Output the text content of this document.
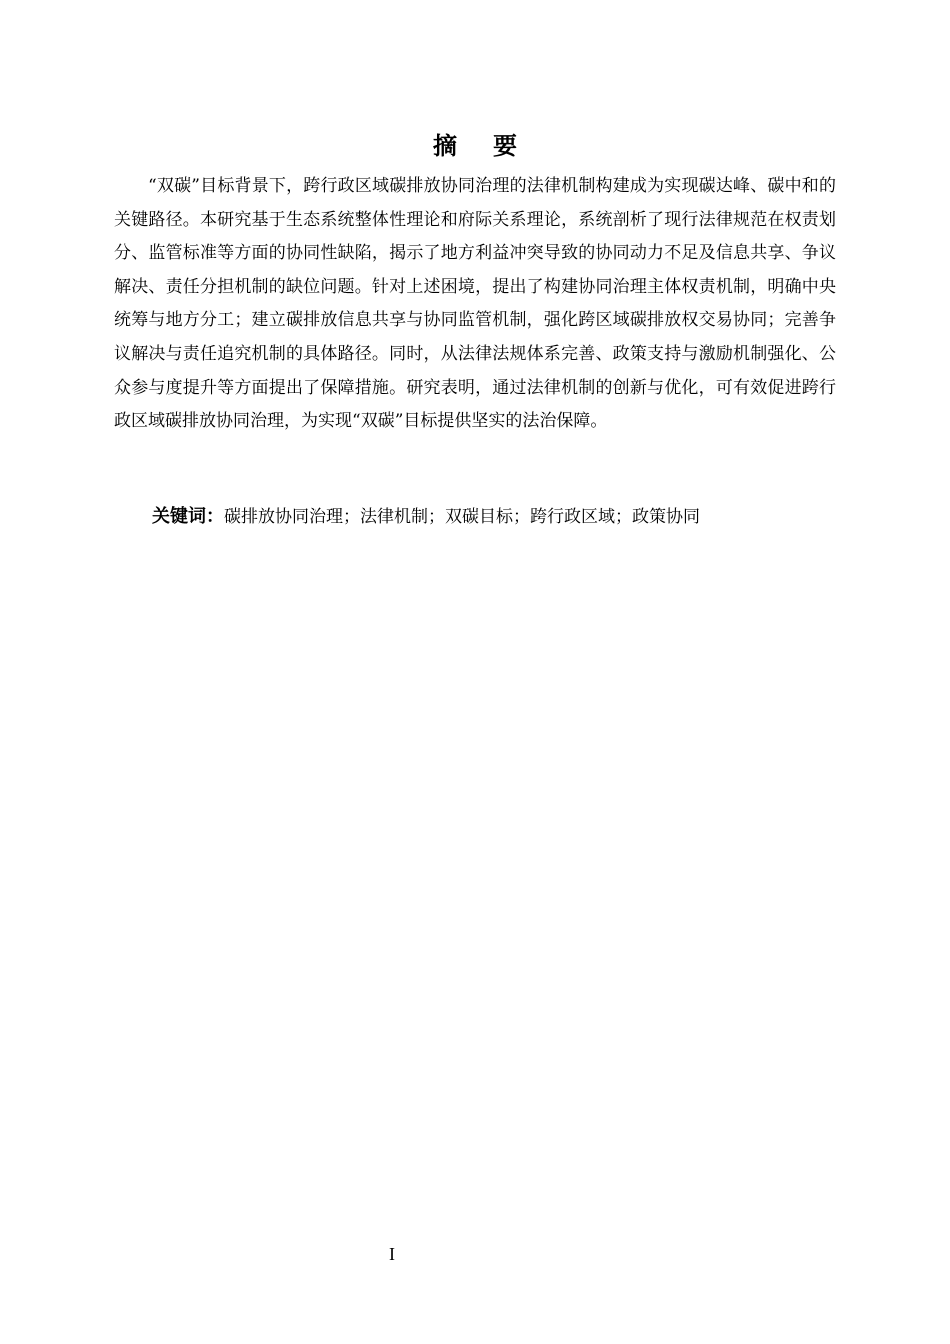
摘要

“双碳”目标背景下，跨行政区域碳排放协同治理的法律机制构建成为实现碳达峰、碳中和的关键路径。本研究基于生态系统整体性理论和府际关系理论，系统剖析了现行法律规范在权责划分、监管标准等方面的协同性缺陷，揭示了地方利益冲突导致的协同动力不足及信息共享、争议解决、责任分担机制的缺位问题。针对上述困境，提出了构建协同治理主体权责机制，明确中央统筹与地方分工；建立碳排放信息共享与协同监管机制，强化跨区域碳排放权交易协同；完善争议解决与责任追究机制的具体路径。同时，从法律法规体系完善、政策支持与激励机制强化、公众参与度提升等方面提出了保障措施。研究表明，通过法律机制的创新与优化，可有效促进跨行政区域碳排放协同治理，为实现“双碳”目标提供坚实的法治保障。

关键词：碳排放协同治理；法律机制；双碳目标；跨行政区域；政策协同
I
